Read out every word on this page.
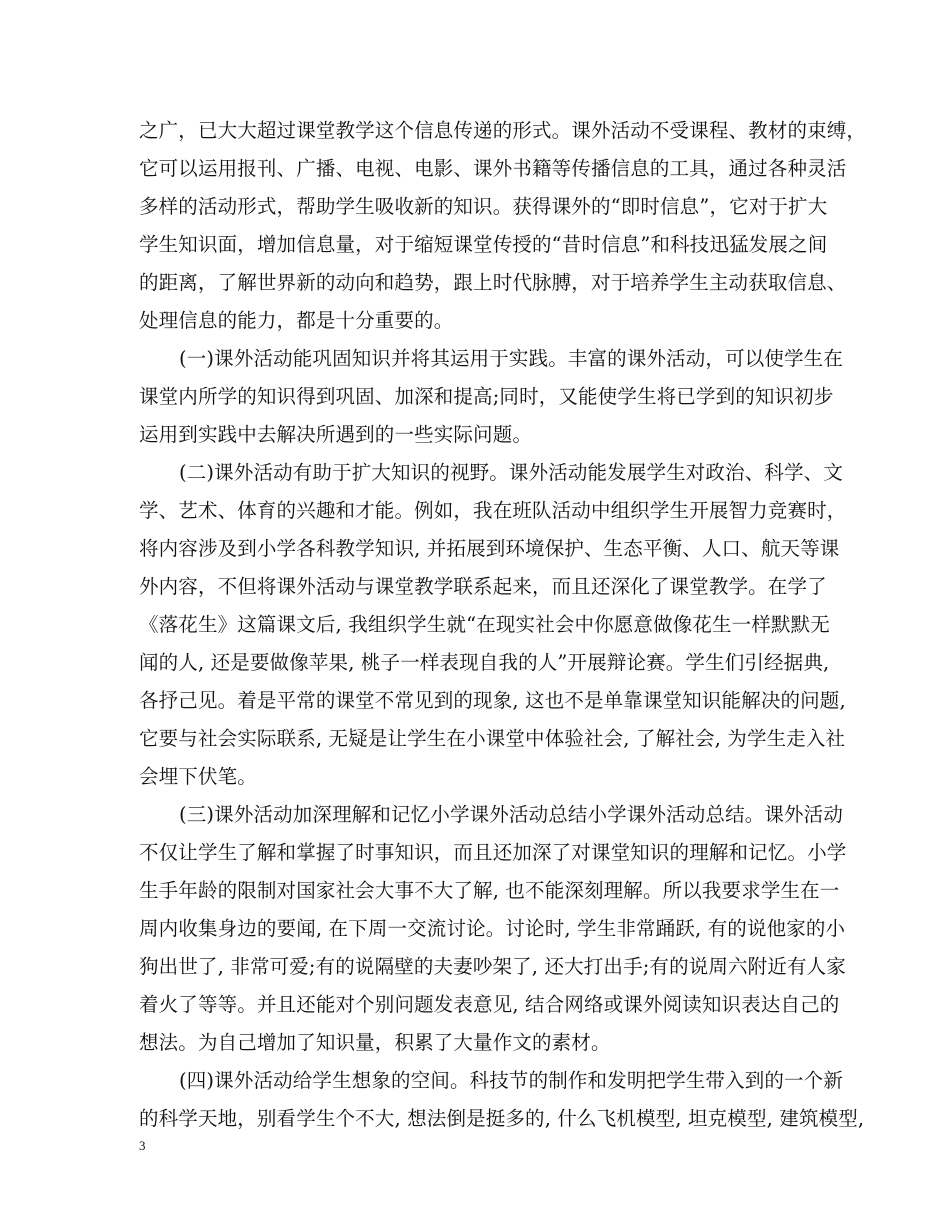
之广，已大大超过课堂教学这个信息传递的形式。课外活动不受课程、教材的束缚，
它可以运用报刊、广播、电视、电影、课外书籍等传播信息的工具，通过各种灵活
多样的活动形式，帮助学生吸收新的知识。获得课外的“即时信息”，它对于扩大
学生知识面，增加信息量，对于缩短课堂传授的“昔时信息”和科技迅猛发展之间
的距离，了解世界新的动向和趋势，跟上时代脉膊，对于培养学生主动获取信息、
处理信息的能力，都是十分重要的。
(一)课外活动能巩固知识并将其运用于实践。丰富的课外活动，可以使学生在
课堂内所学的知识得到巩固、加深和提高;同时，又能使学生将已学到的知识初步
运用到实践中去解决所遇到的一些实际问题。
(二)课外活动有助于扩大知识的视野。课外活动能发展学生对政治、科学、文
学、艺术、体育的兴趣和才能。例如，我在班队活动中组织学生开展智力竞赛时，
将内容涉及到小学各科教学知识, 并拓展到环境保护、生态平衡、人口、航天等课
外内容，不但将课外活动与课堂教学联系起来，而且还深化了课堂教学。在学了
《落花生》这篇课文后, 我组织学生就“在现实社会中你愿意做像花生一样默默无
闻的人, 还是要做像苹果, 桃子一样表现自我的人”开展辩论赛。学生们引经据典,
各抒己见。着是平常的课堂不常见到的现象, 这也不是单靠课堂知识能解决的问题,
它要与社会实际联系, 无疑是让学生在小课堂中体验社会, 了解社会, 为学生走入社
会埋下伏笔。
(三)课外活动加深理解和记忆小学课外活动总结小学课外活动总结。课外活动
不仅让学生了解和掌握了时事知识，而且还加深了对课堂知识的理解和记忆。小学
生手年龄的限制对国家社会大事不大了解, 也不能深刻理解。所以我要求学生在一
周内收集身边的要闻, 在下周一交流讨论。讨论时, 学生非常踊跃, 有的说他家的小
狗出世了, 非常可爱;有的说隔壁的夫妻吵架了, 还大打出手;有的说周六附近有人家
着火了等等。并且还能对个别问题发表意见, 结合网络或课外阅读知识表达自己的
想法。为自己增加了知识量，积累了大量作文的素材。
(四)课外活动给学生想象的空间。科技节的制作和发明把学生带入到的一个新
的科学天地，别看学生个不大, 想法倒是挺多的, 什么飞机模型, 坦克模型, 建筑模型,
3
